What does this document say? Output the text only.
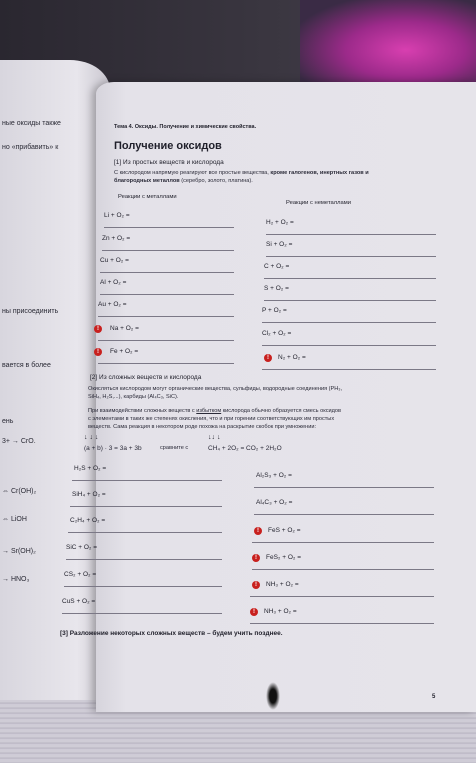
ные оксиды также
но «прибавить» к
ны присоединить
вается в более
ень
3+ → CrO.
⇔ Cr(OH)₂
⇔ LiOH
→ Sr(OH)₂
→ HNO₃
Тема 4. Оксиды. Получение и химические свойства.
Получение оксидов
[1] Из простых веществ и кислорода
С кислородом напрямую реагируют все простые вещества, кроме галогенов, инертных газов и
благородных металлов (серебро, золото, платина).
Реакции с металлами
Реакции с неметаллами
Li + O₂ =
Zn + O₂ =
Cu + O₂ =
Al + O₂ =
Au + O₂ =
!	Na + O₂ =
!	Fe + O₂ =
H₂ + O₂ =
Si + O₂ =
C + O₂ =
S + O₂ =
P + O₂ =
Cl₂ + O₂ =
!	N₂ + O₂ =
[2] Из сложных веществ и кислорода
Окисляться кислородом могут органические вещества, сульфиды, водородные соединения (PH₃,
SiH₄, H₂S,...), карбиды (Al₄C₃, SiC).
При взаимодействии сложных веществ с избытком кислорода обычно образуется смесь оксидов
с элементами в таких же степенях окисления, что и при горении соответствующих им простых
веществ. Сама реакция в некотором роде похожа на раскрытие скобок при умножении:
↓ ↓ ↓
(a + b) · 3 = 3a + 3b	сравните с
↓↓ ↓
CH₄ + 2O₂ = CO₂ + 2H₂O
H₂S + O₂ =
SiH₄ + O₂ =
C₂H₄ + O₂ =
SiC + O₂ =
CS₂ + O₂ =
CuS + O₂ =
Al₂S₃ + O₂ =
Al₄C₃ + O₂ =
!	FeS + O₂ =
!	FeS₂ + O₂ =
!	NH₃ + O₂ =
!	NH₃ + O₂ =
[3] Разложение некоторых сложных веществ – будем учить позднее.
5
